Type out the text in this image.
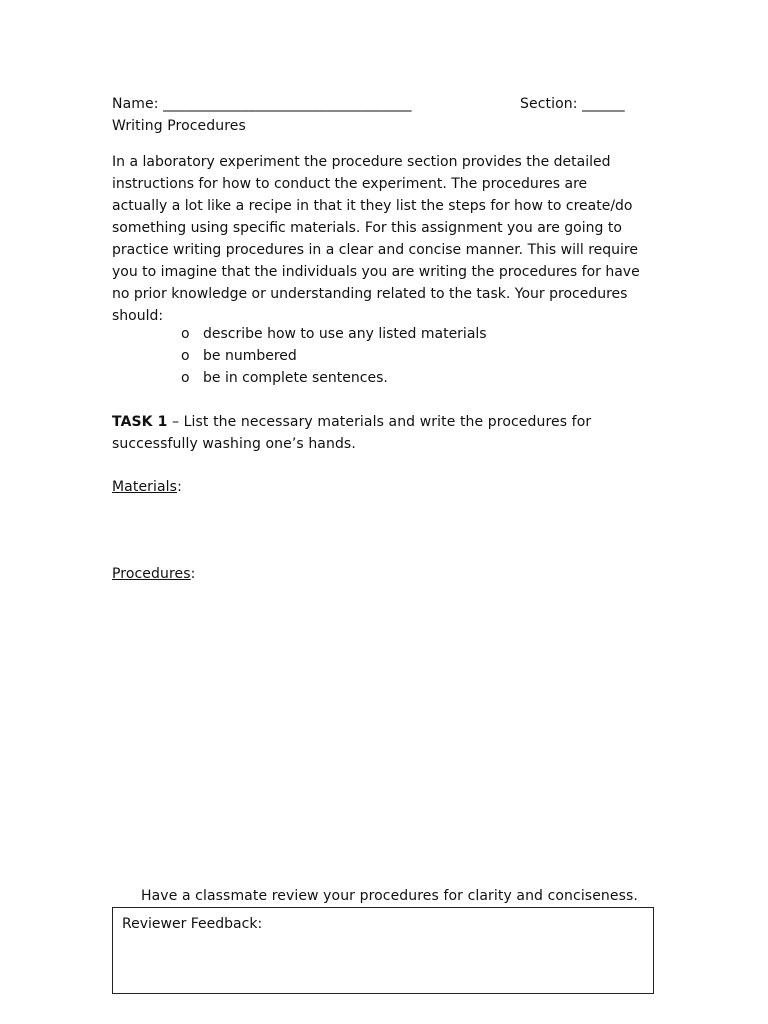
Name: ___________________________________	Section: ______
Writing Procedures
In a laboratory experiment the procedure section provides the detailed
instructions for how to conduct the experiment. The procedures are
actually a lot like a recipe in that it they list the steps for how to create/do
something using specific materials. For this assignment you are going to
practice writing procedures in a clear and concise manner. This will require
you to imagine that the individuals you are writing the procedures for have
no prior knowledge or understanding related to the task. Your procedures
should:
o describe how to use any listed materials
o be numbered
o be in complete sentences.
TASK 1 – List the necessary materials and write the procedures for
successfully washing one’s hands.
Materials:
Procedures:
Have a classmate review your procedures for clarity and conciseness.
Reviewer Feedback:
